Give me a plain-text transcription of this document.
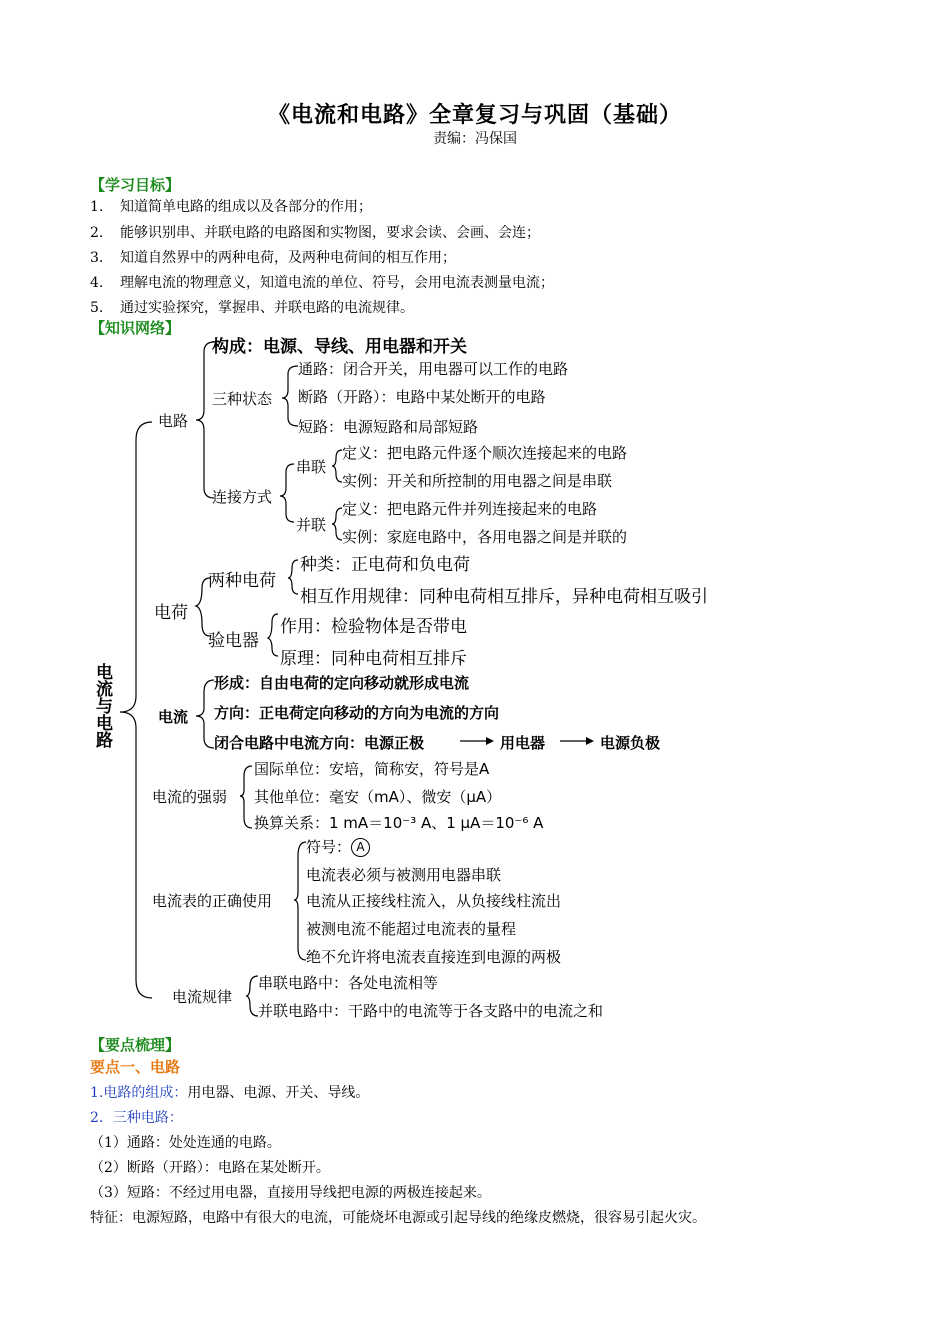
《电流和电路》全章复习与巩固（基础）
责编：冯保国
【学习目标】
1. 知道简单电路的组成以及各部分的作用；
2. 能够识别串、并联电路的电路图和实物图，要求会读、会画、会连；
3. 知道自然界中的两种电荷，及两种电荷间的相互作用；
4. 理解电流的物理意义，知道电流的单位、符号，会用电流表测量电流；
5. 通过实验探究，掌握串、并联电路的电流规律。
【知识网络】
电流与电路
电路
构成：电源、导线、用电器和开关
三种状态
通路：闭合开关，用电器可以工作的电路
断路（开路）：电路中某处断开的电路
短路：电源短路和局部短路
连接方式
串联
定义：把电路元件逐个顺次连接起来的电路
实例：开关和所控制的用电器之间是串联
并联
定义：把电路元件并列连接起来的电路
实例：家庭电路中，各用电器之间是并联的
电荷
两种电荷
种类：正电荷和负电荷
相互作用规律：同种电荷相互排斥，异种电荷相互吸引
验电器
作用：检验物体是否带电
原理：同种电荷相互排斥
电流
形成：自由电荷的定向移动就形成电流
方向：正电荷定向移动的方向为电流的方向
闭合电路中电流方向：电源正极	用电器	电源负极
电流的强弱
国际单位：安培，简称安，符号是A
其他单位：毫安（mA）、微安（μA）
换算关系：1 mA＝10⁻³ A、1 μA＝10⁻⁶ A
电流表的正确使用
符号： A
电流表必须与被测用电器串联
电流从正接线柱流入，从负接线柱流出
被测电流不能超过电流表的量程
绝不允许将电流表直接连到电源的两极
电流规律
串联电路中：各处电流相等
并联电路中：干路中的电流等于各支路中的电流之和
【要点梳理】
要点一、电路
1.电路的组成：用电器、电源、开关、导线。
2．三种电路：
（1）通路：处处连通的电路。
（2）断路（开路）：电路在某处断开。
（3）短路：不经过用电器，直接用导线把电源的两极连接起来。
特征：电源短路，电路中有很大的电流，可能烧坏电源或引起导线的绝缘皮燃烧，很容易引起火灾。
